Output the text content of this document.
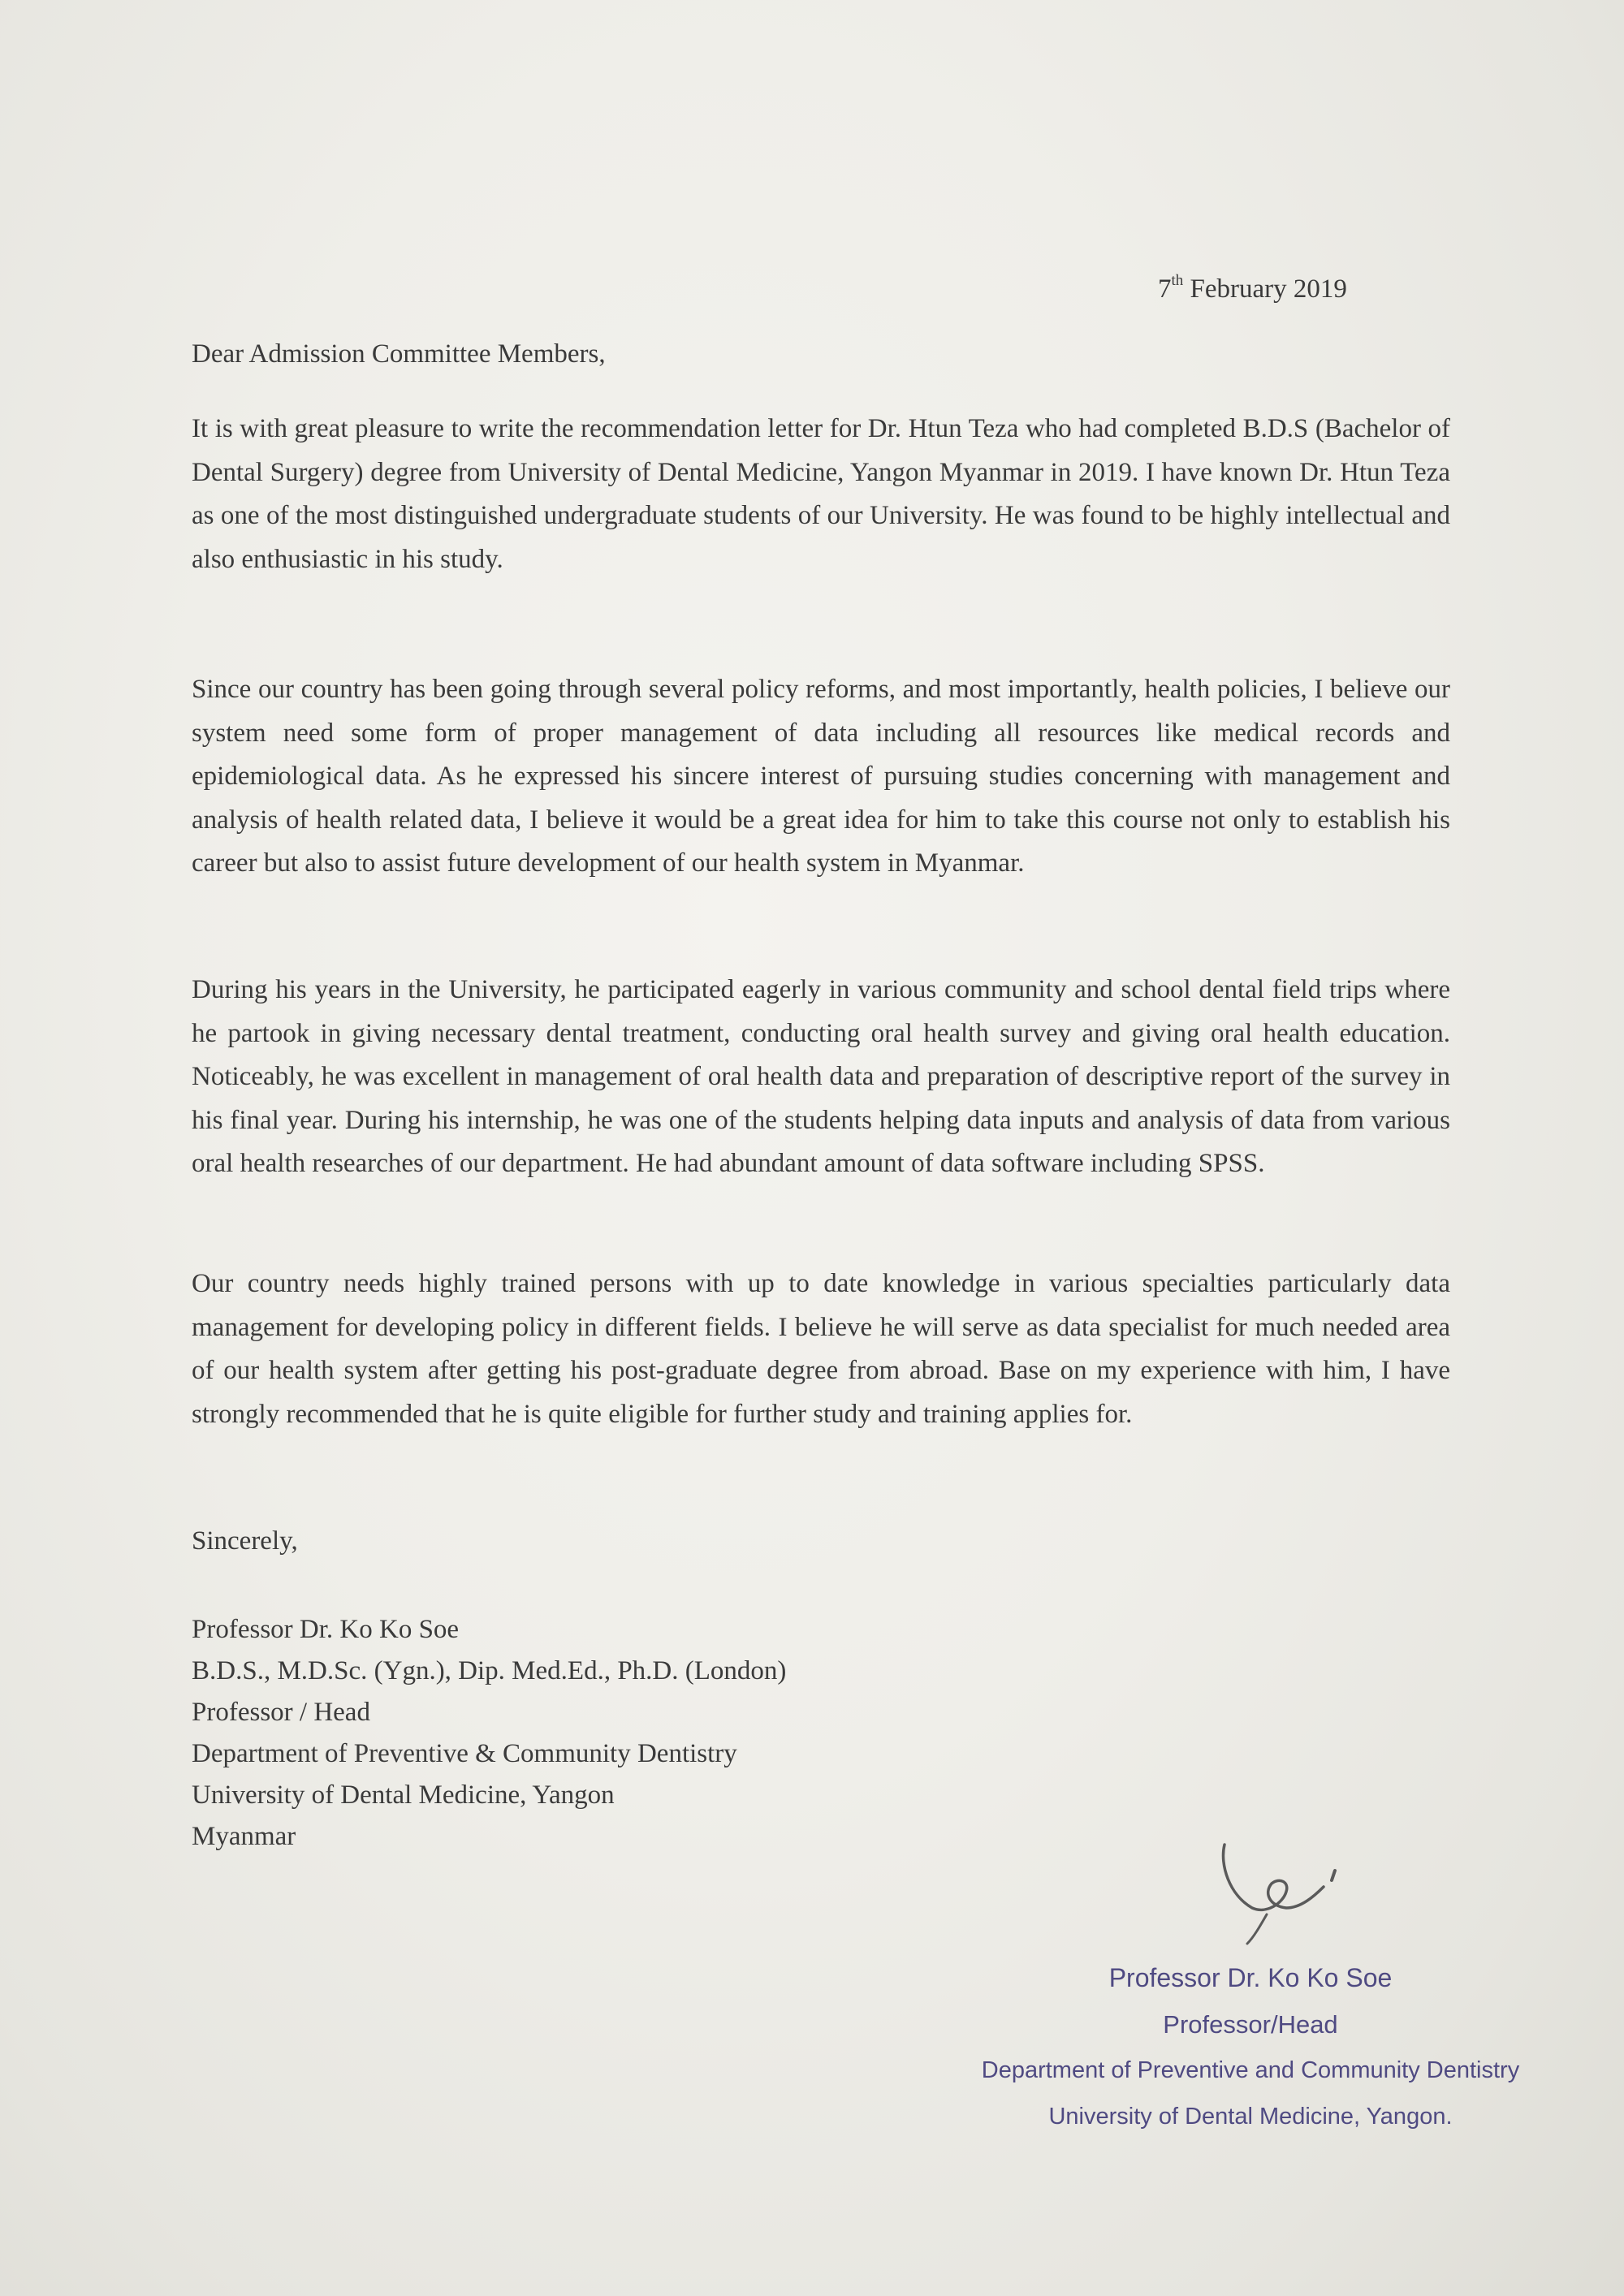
7th February 2019
Dear Admission Committee Members,

It is with great pleasure to write the recommendation letter for Dr. Htun Teza who had completed B.D.S (Bachelor of Dental Surgery) degree from University of Dental Medicine, Yangon Myanmar in 2019. I have known Dr. Htun Teza as one of the most distinguished undergraduate students of our University. He was found to be highly intellectual and also enthusiastic in his study.

Since our country has been going through several policy reforms, and most importantly, health policies, I believe our system need some form of proper management of data including all resources like medical records and epidemiological data. As he expressed his sincere interest of pursuing studies concerning with management and analysis of health related data, I believe it would be a great idea for him to take this course not only to establish his career but also to assist future development of our health system in Myanmar.

During his years in the University, he participated eagerly in various community and school dental field trips where he partook in giving necessary dental treatment, conducting oral health survey and giving oral health education. Noticeably, he was excellent in management of oral health data and preparation of descriptive report of the survey in his final year. During his internship, he was one of the students helping data inputs and analysis of data from various oral health researches of our department. He had abundant amount of data software including SPSS.

Our country needs highly trained persons with up to date knowledge in various specialties particularly data management for developing policy in different fields. I believe he will serve as data specialist for much needed area of our health system after getting his post-graduate degree from abroad. Base on my experience with him, I have strongly recommended that he is quite eligible for further study and training applies for.

Sincerely,
Professor Dr. Ko Ko Soe
B.D.S., M.D.Sc. (Ygn.), Dip. Med.Ed., Ph.D. (London)
Professor / Head
Department of Preventive & Community Dentistry
University of Dental Medicine, Yangon
Myanmar
Professor Dr. Ko Ko Soe
Professor/Head
Department of Preventive and Community Dentistry
University of Dental Medicine, Yangon.
